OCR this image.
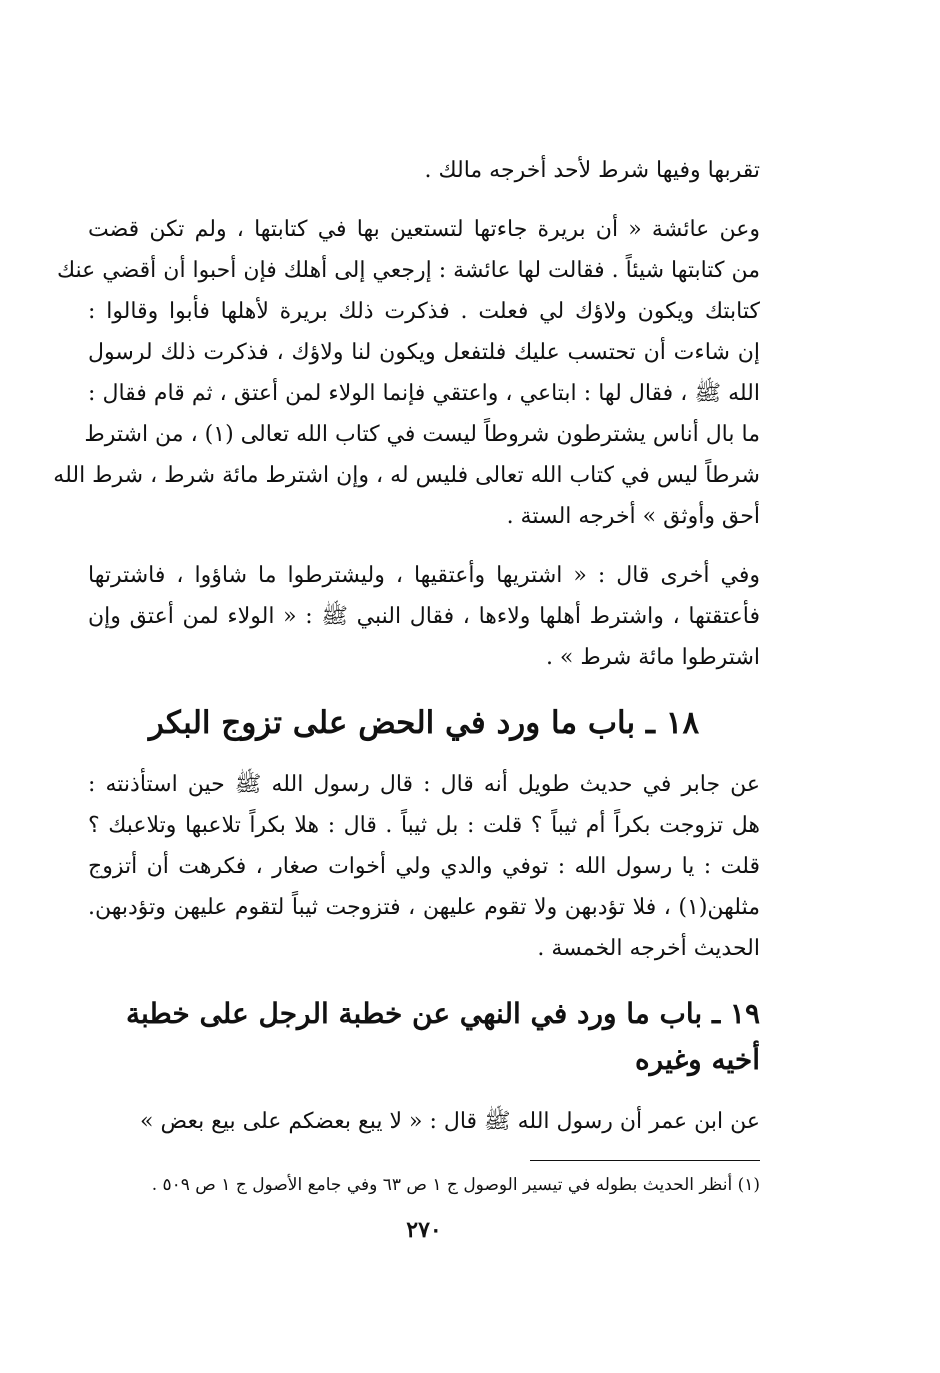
تقربها وفيها شرط لأحد أخرجه مالك .

وعن عائشة « أن بريرة جاءتها لتستعين بها في كتابتها ، ولم تكن قضت
من كتابتها شيئاً . فقالت لها عائشة : إرجعي إلى أهلك فإن أحبوا أن أقضي عنك
كتابتك ويكون ولاؤك لي فعلت . فذكرت ذلك بريرة لأهلها فأبوا وقالوا :
إن شاءت أن تحتسب عليك فلتفعل ويكون لنا ولاؤك ، فذكرت ذلك لرسول
الله ﷺ ، فقال لها : ابتاعي ، واعتقي فإنما الولاء لمن أعتق ، ثم قام فقال :
ما بال أناس يشترطون شروطاً ليست في كتاب الله تعالى (١) ، من اشترط
شرطاً ليس في كتاب الله تعالى فليس له ، وإن اشترط مائة شرط ، شرط الله
أحق وأوثق » أخرجه الستة .

وفي أخرى قال : « اشتريها وأعتقيها ، وليشترطوا ما شاؤوا ، فاشترتها
فأعتقتها ، واشترط أهلها ولاءها ، فقال النبي ﷺ : « الولاء لمن أعتق وإن
اشترطوا مائة شرط » .

١٨ ـ باب ما ورد في الحض على تزوج البكر

عن جابر في حديث طويل أنه قال : قال رسول الله ﷺ حين استأذنته :
هل تزوجت بكراً أم ثيباً ؟ قلت : بل ثيباً . قال : هلا بكراً تلاعبها وتلاعبك ؟
قلت : يا رسول الله : توفي والدي ولي أخوات صغار ، فكرهت أن أتزوج
مثلهن(١) ، فلا تؤدبهن ولا تقوم عليهن ، فتزوجت ثيباً لتقوم عليهن وتؤدبهن.
الحديث أخرجه الخمسة .

١٩ ـ باب ما ورد في النهي عن خطبة الرجل على خطبة أخيه وغيره

عن ابن عمر أن رسول الله ﷺ قال : « لا يبع بعضكم على بيع بعض »

(١) أنظر الحديث بطوله في تيسير الوصول ج ١ ص ٦٣ وفي جامع الأصول ج ١ ص ٥٠٩ .
٢٧٠
